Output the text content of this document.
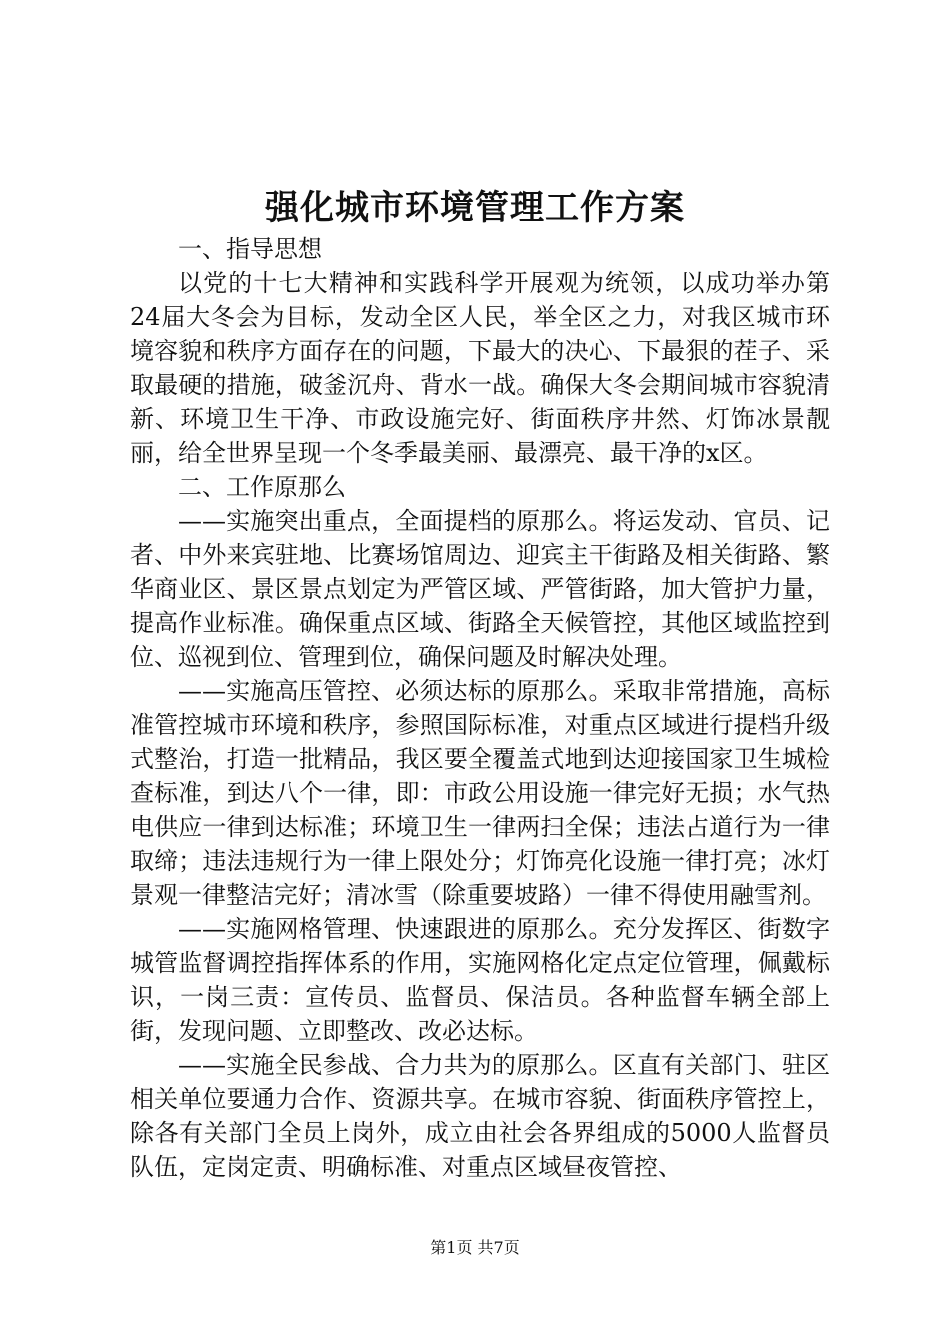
强化城市环境管理工作方案

一、指导思想

以党的十七大精神和实践科学开展观为统领，以成功举办第24届大冬会为目标，发动全区人民，举全区之力，对我区城市环境容貌和秩序方面存在的问题，下最大的决心、下最狠的茬子、采取最硬的措施，破釜沉舟、背水一战。确保大冬会期间城市容貌清新、环境卫生干净、市政设施完好、街面秩序井然、灯饰冰景靓丽，给全世界呈现一个冬季最美丽、最漂亮、最干净的x区。

二、工作原那么

——实施突出重点，全面提档的原那么。将运发动、官员、记者、中外来宾驻地、比赛场馆周边、迎宾主干街路及相关街路、繁华商业区、景区景点划定为严管区域、严管街路，加大管护力量，提高作业标准。确保重点区域、街路全天候管控，其他区域监控到位、巡视到位、管理到位，确保问题及时解决处理。

——实施高压管控、必须达标的原那么。采取非常措施，高标准管控城市环境和秩序，参照国际标准，对重点区域进行提档升级式整治，打造一批精品，我区要全覆盖式地到达迎接国家卫生城检查标准，到达八个一律，即：市政公用设施一律完好无损；水气热电供应一律到达标准；环境卫生一律两扫全保；违法占道行为一律取缔；违法违规行为一律上限处分；灯饰亮化设施一律打亮；冰灯景观一律整洁完好；清冰雪（除重要坡路）一律不得使用融雪剂。

——实施网格管理、快速跟进的原那么。充分发挥区、街数字城管监督调控指挥体系的作用，实施网格化定点定位管理，佩戴标识，一岗三责：宣传员、监督员、保洁员。各种监督车辆全部上街，发现问题、立即整改、改必达标。

——实施全民参战、合力共为的原那么。区直有关部门、驻区相关单位要通力合作、资源共享。在城市容貌、街面秩序管控上，除各有关部门全员上岗外，成立由社会各界组成的5000人监督员队伍，定岗定责、明确标准、对重点区域昼夜管控、

第1页 共7页
